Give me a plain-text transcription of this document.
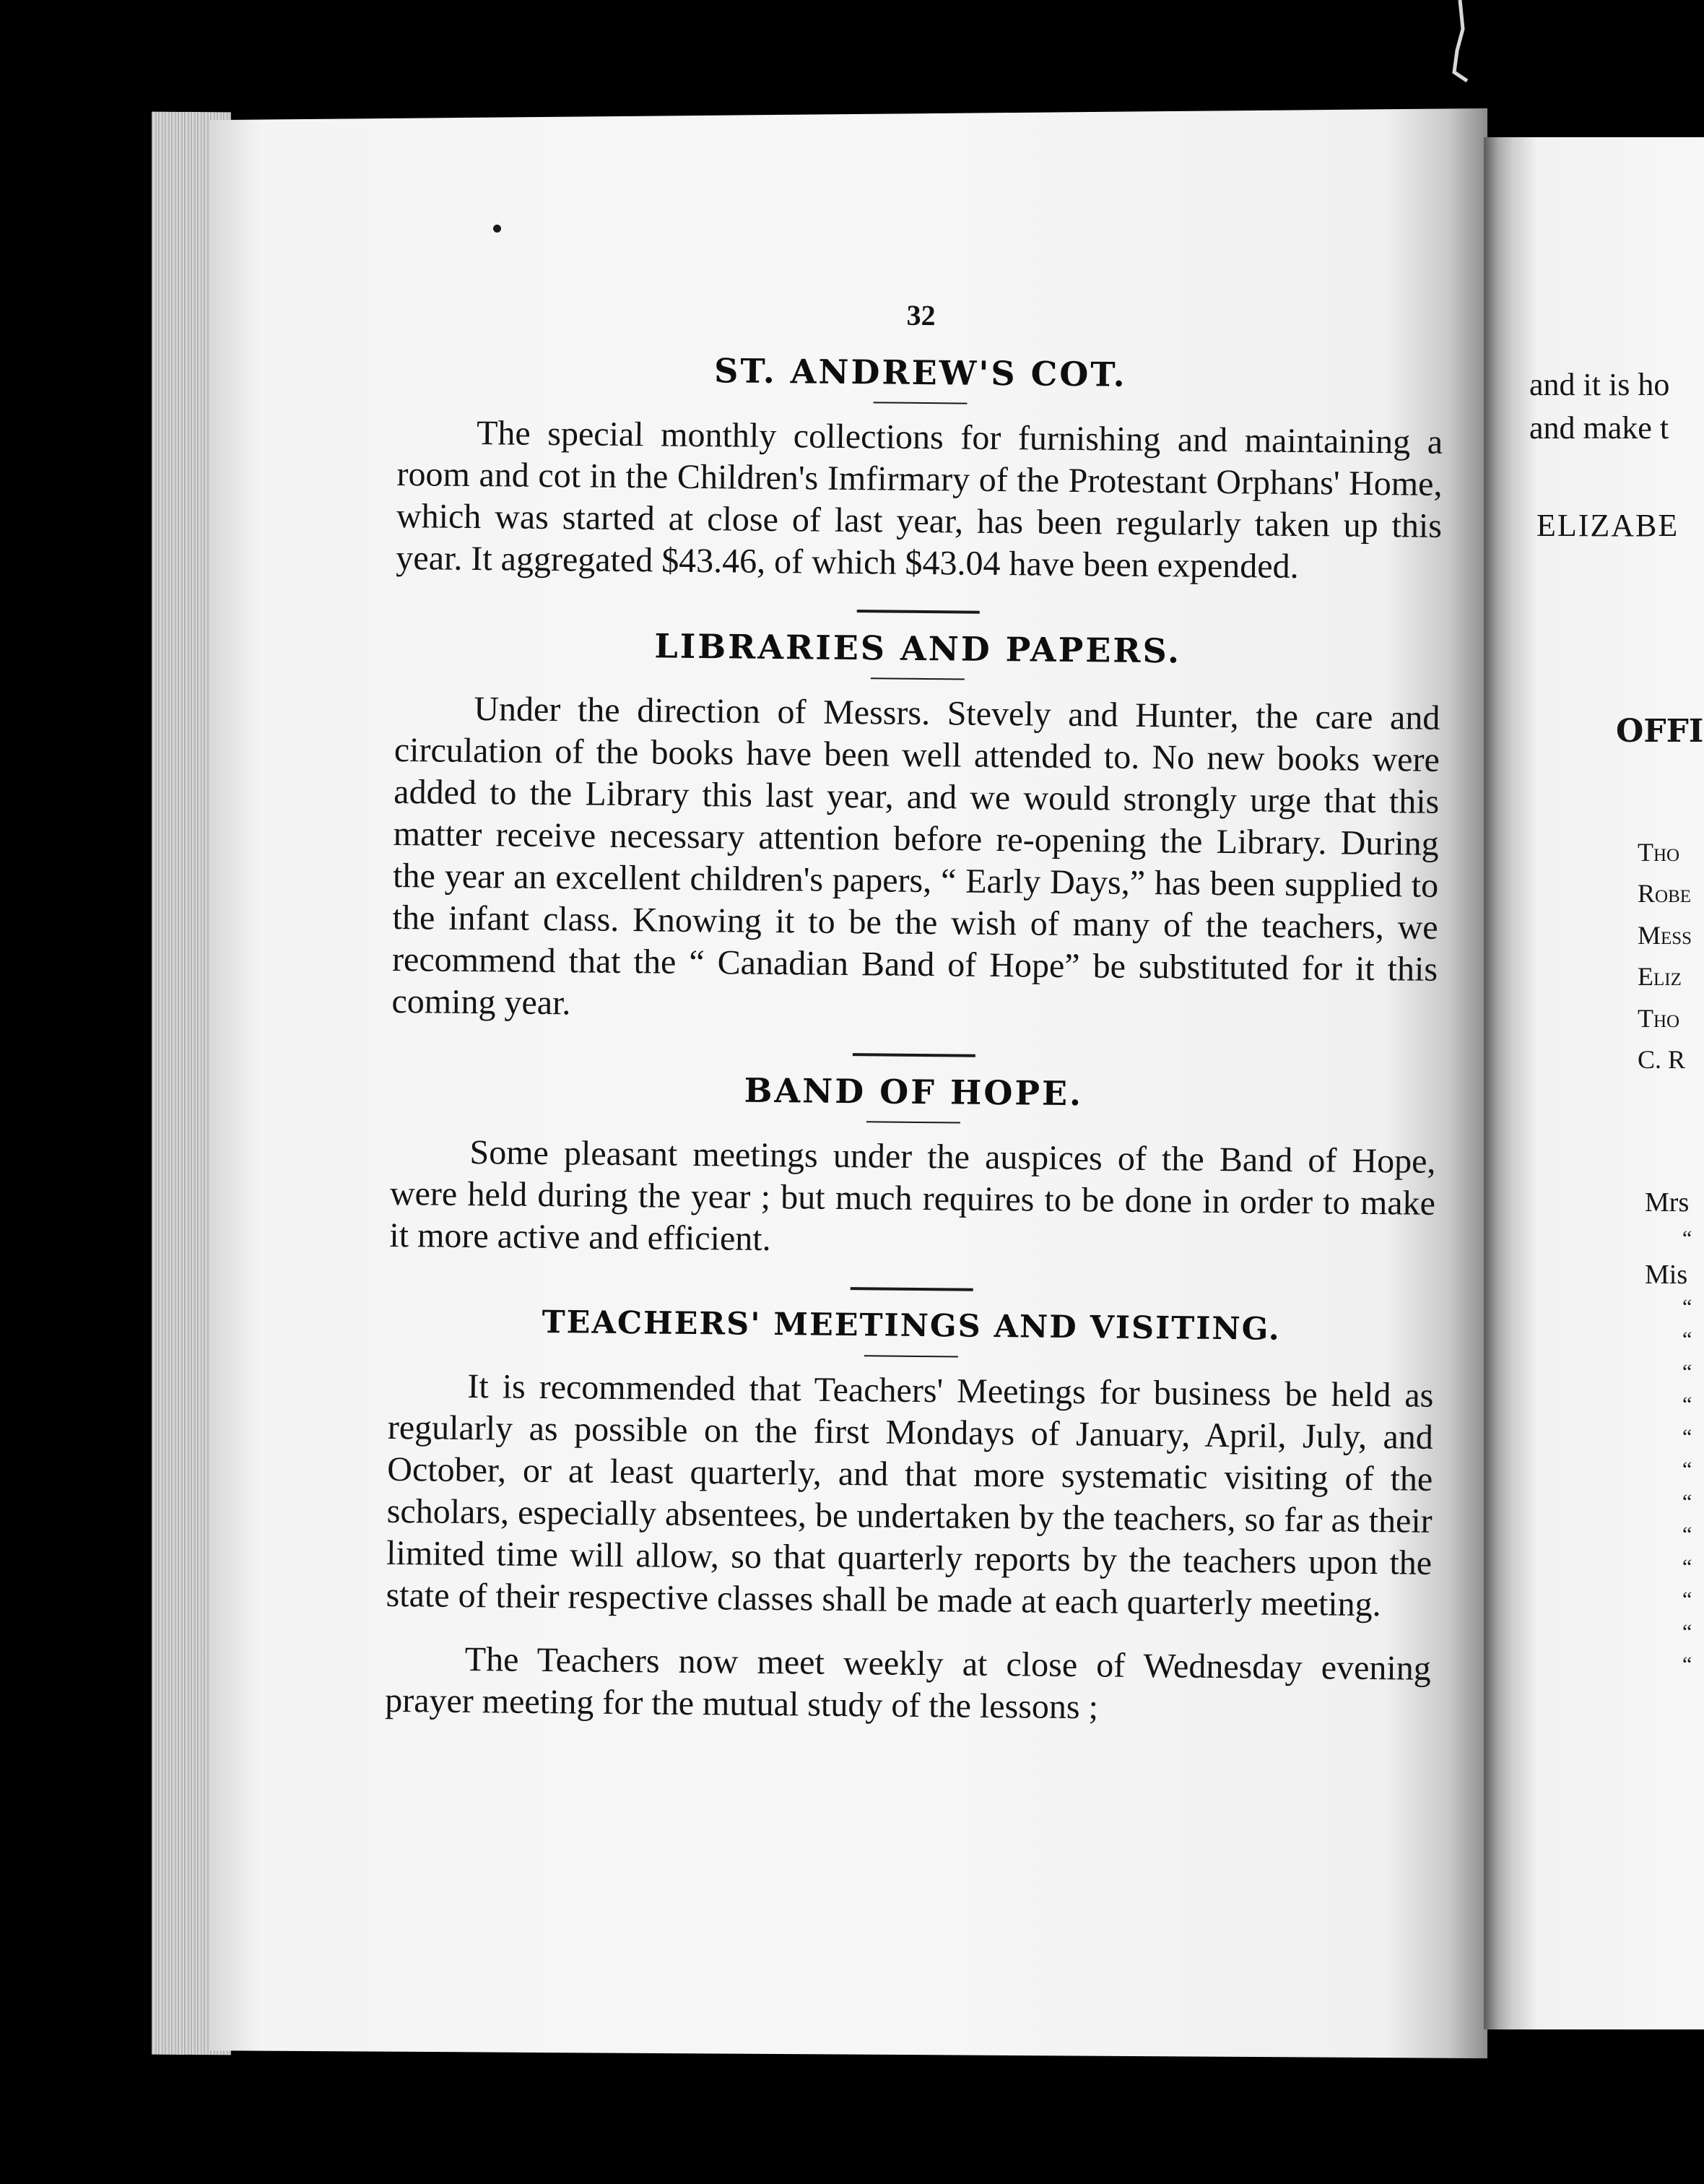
32
ST. ANDREW'S COT.

The special monthly collections for furnishing and maintaining a room and cot in the Children's Imfirmary of the Protestant Orphans' Home, which was started at close of last year, has been regularly taken up this year. It aggregated $43.46, of which $43.04 have been expended.

LIBRARIES AND PAPERS.

Under the direction of Messrs. Stevely and Hunter, the care and circulation of the books have been well attended to. No new books were added to the Library this last year, and we would strongly urge that this matter receive necessary attention before re-opening the Library. During the year an excellent children's papers, “ Early Days,” has been supplied to the infant class. Knowing it to be the wish of many of the teachers, we recommend that the “ Canadian Band of Hope” be substituted for it this coming year.

BAND OF HOPE.

Some pleasant meetings under the auspices of the Band of Hope, were held during the year ; but much requires to be done in order to make it more active and efficient.

TEACHERS' MEETINGS AND VISITING.

It is recommended that Teachers' Meetings for business be held as regularly as possible on the first Mondays of January, April, July, and October, or at least quarterly, and that more systematic visiting of the scholars, especially absentees, be undertaken by the teachers, so far as their limited time will allow, so that quarterly reports by the teachers upon the state of their respective classes shall be made at each quarterly meeting.

The Teachers now meet weekly at close of Wednesday evening prayer meeting for the mutual study of the lessons ;

and it is ho
and make t
ELIZABE
OFFI
Tho
Robe
Mess
Eliz
Tho
C. R
Mrs
“
Mis
“
“
“
“
“
“
“
“
“
“
“
“
